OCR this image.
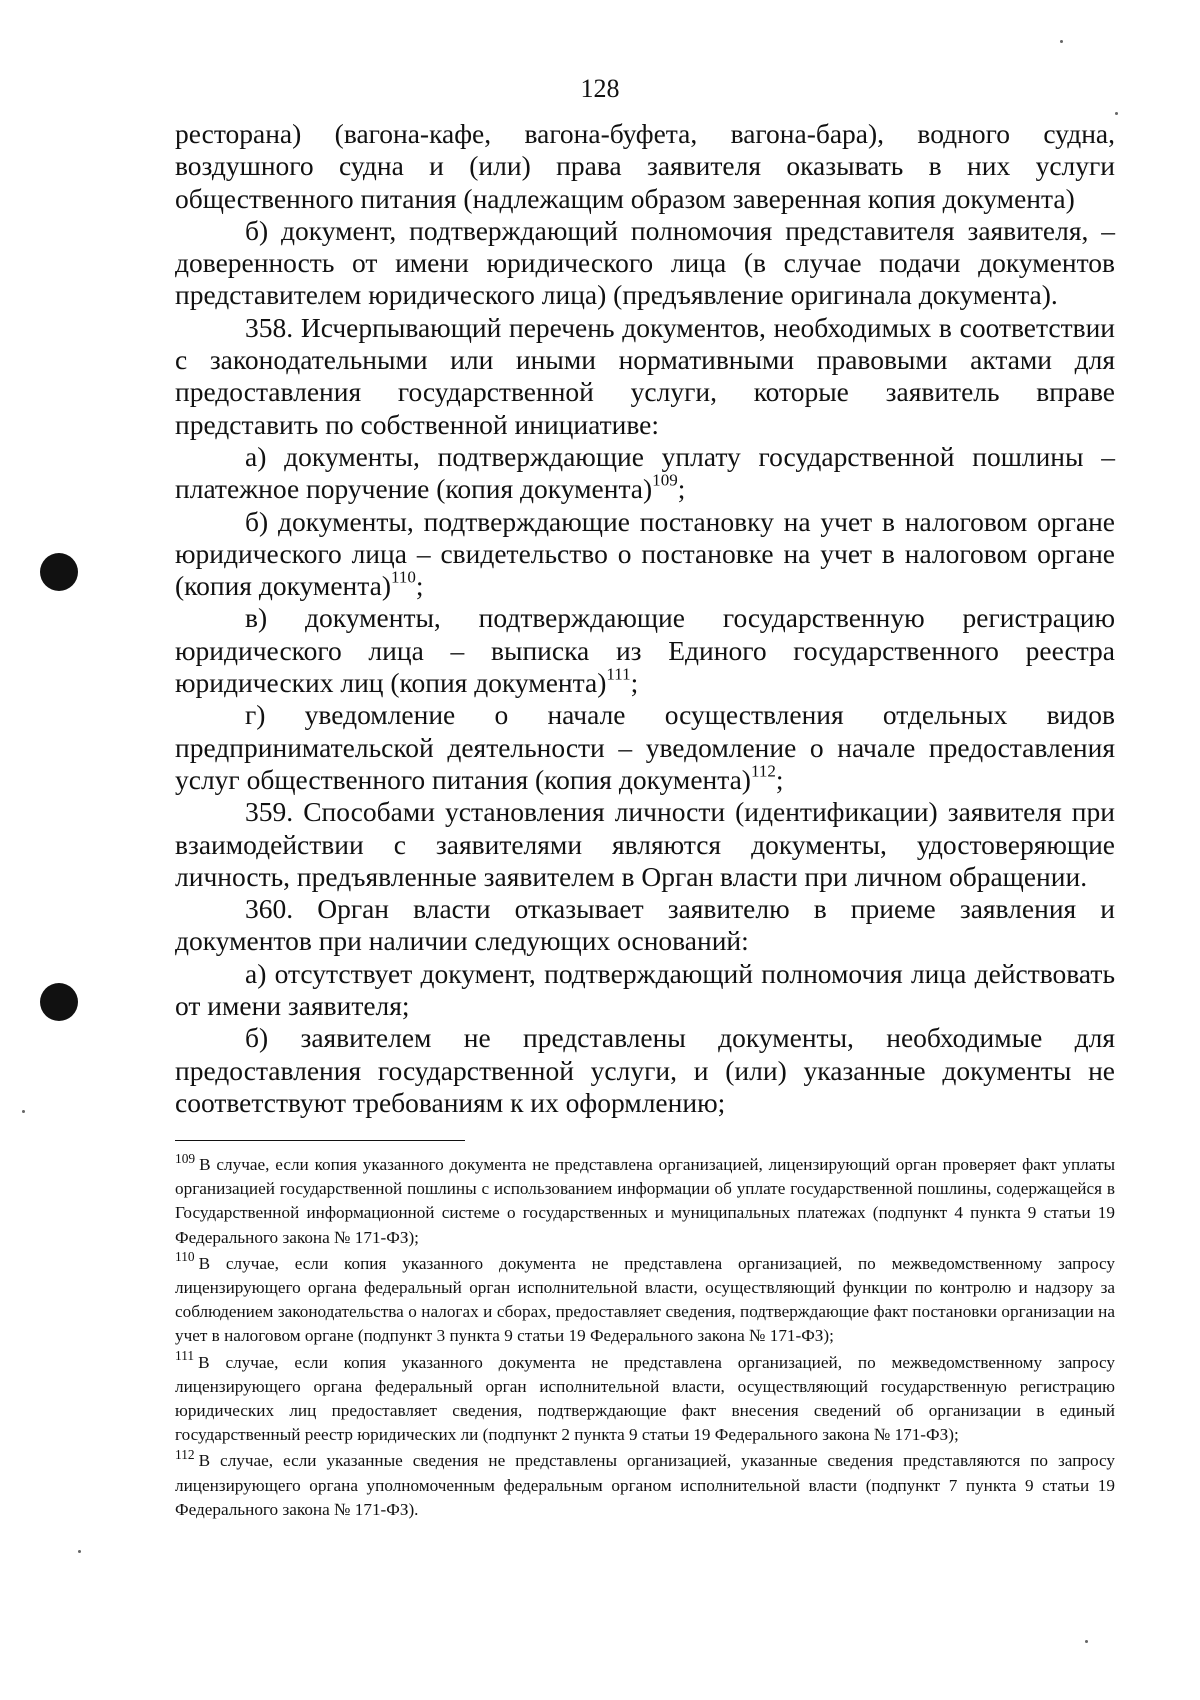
128

ресторана) (вагона-кафе, вагона-буфета, вагона-бара), водного судна, воздушного судна и (или) права заявителя оказывать в них услуги общественного питания (надлежащим образом заверенная копия документа)

б) документ, подтверждающий полномочия представителя заявителя, – доверенность от имени юридического лица (в случае подачи документов представителем юридического лица) (предъявление оригинала документа).

358. Исчерпывающий перечень документов, необходимых в соответствии с законодательными или иными нормативными правовыми актами для предоставления государственной услуги, которые заявитель вправе представить по собственной инициативе:

а) документы, подтверждающие уплату государственной пошлины – платежное поручение (копия документа)$^{109}$;

б) документы, подтверждающие постановку на учет в налоговом органе юридического лица – свидетельство о постановке на учет в налоговом органе (копия документа)$^{110}$;

в) документы, подтверждающие государственную регистрацию юридического лица – выписка из Единого государственного реестра юридических лиц (копия документа)$^{111}$;

г) уведомление о начале осуществления отдельных видов предпринимательской деятельности – уведомление о начале предоставления услуг общественного питания (копия документа)$^{112}$;

359. Способами установления личности (идентификации) заявителя при взаимодействии с заявителями являются документы, удостоверяющие личность, предъявленные заявителем в Орган власти при личном обращении.

360. Орган власти отказывает заявителю в приеме заявления и документов при наличии следующих оснований:

а) отсутствует документ, подтверждающий полномочия лица действовать от имени заявителя;

б) заявителем не представлены документы, необходимые для предоставления государственной услуги, и (или) указанные документы не соответствуют требованиям к их оформлению;

$^{109}$ В случае, если копия указанного документа не представлена организацией, лицензирующий орган проверяет факт уплаты организацией государственной пошлины с использованием информации об уплате государственной пошлины, содержащейся в Государственной информационной системе о государственных и муниципальных платежах (подпункт 4 пункта 9 статьи 19 Федерального закона № 171-ФЗ);

$^{110}$ В случае, если копия указанного документа не представлена организацией, по межведомственному запросу лицензирующего органа федеральный орган исполнительной власти, осуществляющий функции по контролю и надзору за соблюдением законодательства о налогах и сборах, предоставляет сведения, подтверждающие факт постановки организации на учет в налоговом органе (подпункт 3 пункта 9 статьи 19 Федерального закона № 171-ФЗ);

$^{111}$ В случае, если копия указанного документа не представлена организацией, по межведомственному запросу лицензирующего органа федеральный орган исполнительной власти, осуществляющий государственную регистрацию юридических лиц предоставляет сведения, подтверждающие факт внесения сведений об организации в единый государственный реестр юридических ли (подпункт 2 пункта 9 статьи 19 Федерального закона № 171-ФЗ);

$^{112}$ В случае, если указанные сведения не представлены организацией, указанные сведения представляются по запросу лицензирующего органа уполномоченным федеральным органом исполнительной власти (подпункт 7 пункта 9 статьи 19 Федерального закона № 171-ФЗ).
